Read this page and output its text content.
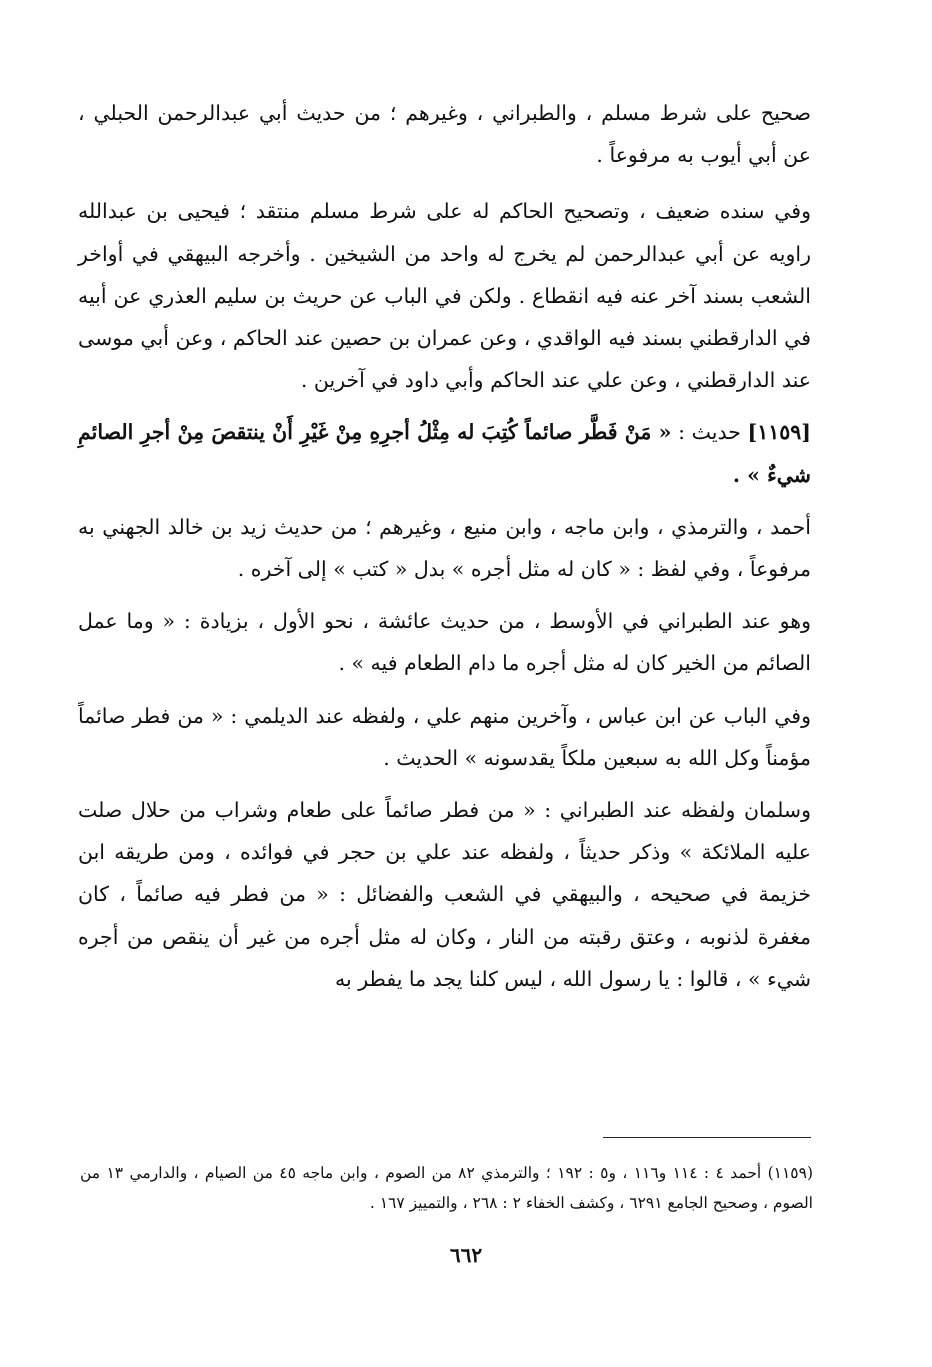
صحيح على شرط مسلم ، والطبراني ، وغيرهم ؛ من حديث أبي عبدالرحمن الحبلي ، عن أبي أيوب به مرفوعاً .

وفي سنده ضعيف ، وتصحيح الحاكم له على شرط مسلم منتقد ؛ فيحيى بن عبدالله راويه عن أبي عبدالرحمن لم يخرج له واحد من الشيخين . وأخرجه البيهقي في أواخر الشعب بسند آخر عنه فيه انقطاع . ولكن في الباب عن حريث بن سليم العذري عن أبيه في الدارقطني بسند فيه الواقدي ، وعن عمران بن حصين عند الحاكم ، وعن أبي موسى عند الدارقطني ، وعن علي عند الحاكم وأبي داود في آخرين .

[١١٥٩] حديث : « مَنْ فَطَّر صائماً كُتِبَ له مِثْلُ أجرِهِ مِنْ غَيْرِ أَنْ ينتقصَ مِنْ أجرِ الصائمِ شيءٌ » .

أحمد ، والترمذي ، وابن ماجه ، وابن منيع ، وغيرهم ؛ من حديث زيد بن خالد الجهني به مرفوعاً ، وفي لفظ : « كان له مثل أجره » بدل « كتب » إلى آخره .

وهو عند الطبراني في الأوسط ، من حديث عائشة ، نحو الأول ، بزيادة : « وما عمل الصائم من الخير كان له مثل أجره ما دام الطعام فيه » .

وفي الباب عن ابن عباس ، وآخرين منهم علي ، ولفظه عند الديلمي : « من فطر صائماً مؤمناً وكل الله به سبعين ملكاً يقدسونه » الحديث .

وسلمان ولفظه عند الطبراني : « من فطر صائماً على طعام وشراب من حلال صلت عليه الملائكة » وذكر حديثاً ، ولفظه عند علي بن حجر في فوائده ، ومن طريقه ابن خزيمة في صحيحه ، والبيهقي في الشعب والفضائل : « من فطر فيه صائماً ، كان مغفرة لذنوبه ، وعتق رقبته من النار ، وكان له مثل أجره من غير أن ينقص من أجره شيء » ، قالوا : يا رسول الله ، ليس كلنا يجد ما يفطر به

(١١٥٩) أحمد ٤ : ١١٤ و١١٦ ، و٥ : ١٩٢ ؛ والترمذي ٨٢ من الصوم ، وابن ماجه ٤٥ من الصيام ، والدارمي ١٣ من الصوم ، وصحيح الجامع ٦٢٩١ ، وكشف الخفاء ٢ : ٢٦٨ ، والتمييز ١٦٧ .

٦٦٢
